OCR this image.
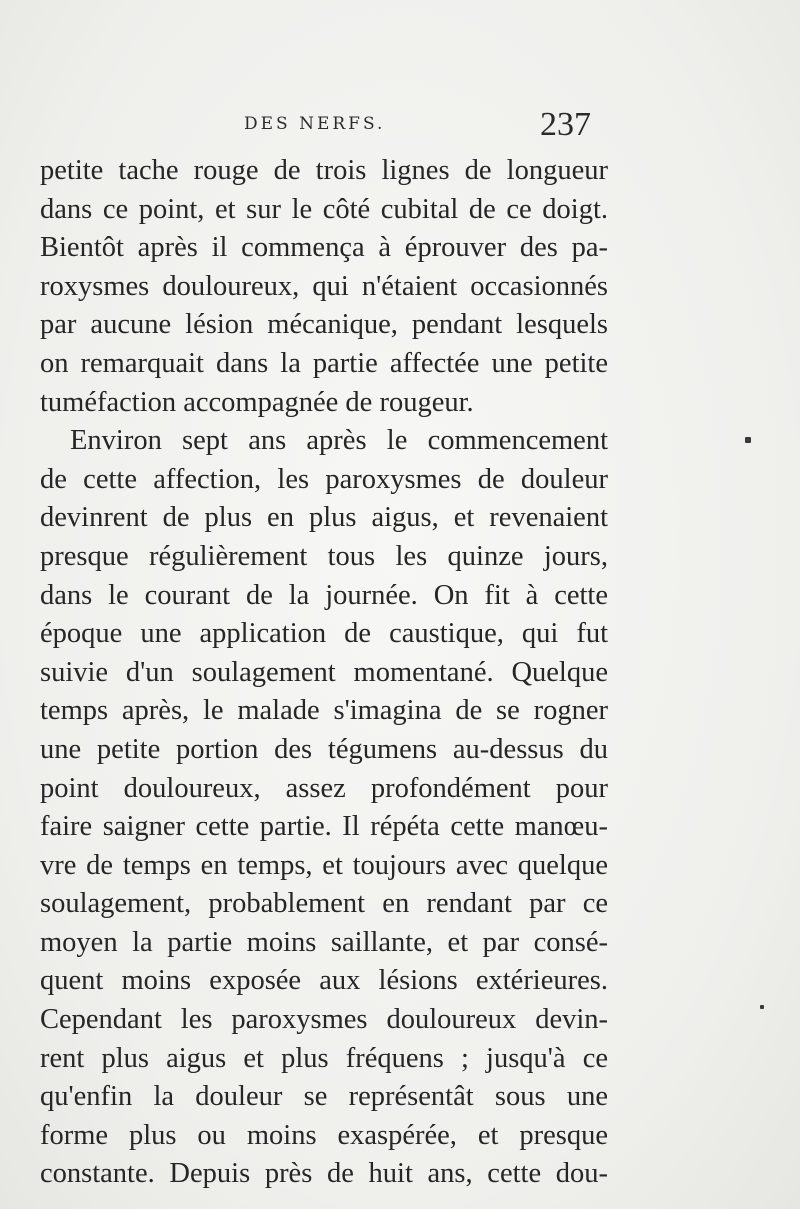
DES NERFS.	237
petite tache rouge de trois lignes de longueur
dans ce point, et sur le côté cubital de ce doigt.
Bientôt après il commença à éprouver des pa-
roxysmes douloureux, qui n'étaient occasionnés
par aucune lésion mécanique, pendant lesquels
on remarquait dans la partie affectée une petite
tuméfaction accompagnée de rougeur.
Environ sept ans après le commencement
de cette affection, les paroxysmes de douleur
devinrent de plus en plus aigus, et revenaient
presque régulièrement tous les quinze jours,
dans le courant de la journée. On fit à cette
époque une application de caustique, qui fut
suivie d'un soulagement momentané. Quelque
temps après, le malade s'imagina de se rogner
une petite portion des tégumens au-dessus du
point douloureux, assez profondément pour
faire saigner cette partie. Il répéta cette manœu-
vre de temps en temps, et toujours avec quelque
soulagement, probablement en rendant par ce
moyen la partie moins saillante, et par consé-
quent moins exposée aux lésions extérieures.
Cependant les paroxysmes douloureux devin-
rent plus aigus et plus fréquens ; jusqu'à ce
qu'enfin la douleur se représentât sous une
forme plus ou moins exaspérée, et presque
constante. Depuis près de huit ans, cette dou-
